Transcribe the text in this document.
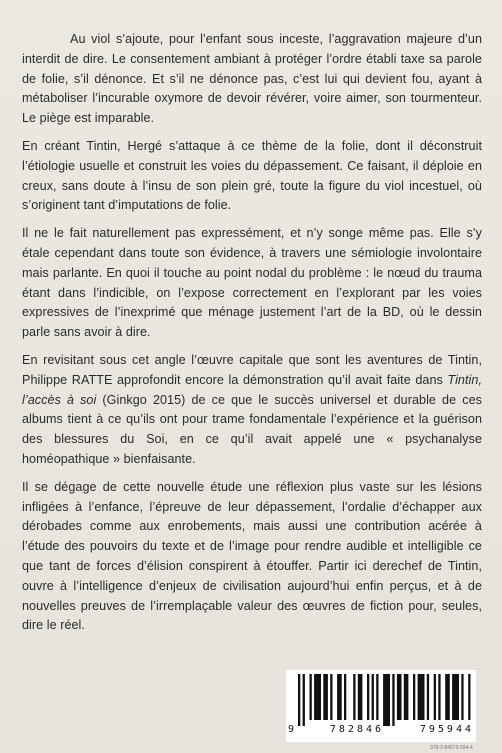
Au viol s’ajoute, pour l’enfant sous inceste, l’aggravation majeure d’un interdit de dire. Le consentement ambiant à protéger l’ordre établi taxe sa parole de folie, s’il dénonce. Et s’il ne dénonce pas, c’est lui qui devient fou, ayant à métaboliser l’incurable oxymore de devoir révérer, voire aimer, son tourmenteur. Le piège est imparable.

En créant Tintin, Hergé s’attaque à ce thème de la folie, dont il déconstruit l’étiologie usuelle et construit les voies du dépassement. Ce faisant, il déploie en creux, sans doute à l’insu de son plein gré, toute la figure du viol incestuel, où s’originent tant d’imputations de folie.

Il ne le fait naturellement pas expressément, et n’y songe même pas. Elle s’y étale cependant dans toute son évidence, à travers une sémiologie involontaire mais parlante. En quoi il touche au point nodal du problème : le nœud du trauma étant dans l’indicible, on l’expose correctement en l’explorant par les voies expressives de l’inexprimé que ménage justement l’art de la BD, où le dessin parle sans avoir à dire.

En revisitant sous cet angle l’œuvre capitale que sont les aventures de Tintin, Philippe RATTE approfondit encore la démonstration qu’il avait faite dans Tintin, l’accès à soi (Ginkgo 2015) de ce que le succès universel et durable de ces albums tient à ce qu’ils ont pour trame fondamentale l’expérience et la guérison des blessures du Soi, en ce qu’il avait appelé une « psychanalyse homéopathique » bienfaisante.

Il se dégage de cette nouvelle étude une réflexion plus vaste sur les lésions infligées à l’enfance, l’épreuve de leur dépassement, l’ordalie d’échapper aux dérobades comme aux enrobements, mais aussi une contribution acérée à l’étude des pouvoirs du texte et de l’image pour rendre audible et intelligible ce que tant de forces d’élision conspirent à étouffer. Partir ici derechef de Tintin, ouvre à l’intelligence d’enjeux de civilisation aujourd’hui enfin perçus, et à de nouvelles preuves de l’irremplaçable valeur des œuvres de fiction pour, seules, dire le réel.

9	782846	795944
978-2-84679-594-4
